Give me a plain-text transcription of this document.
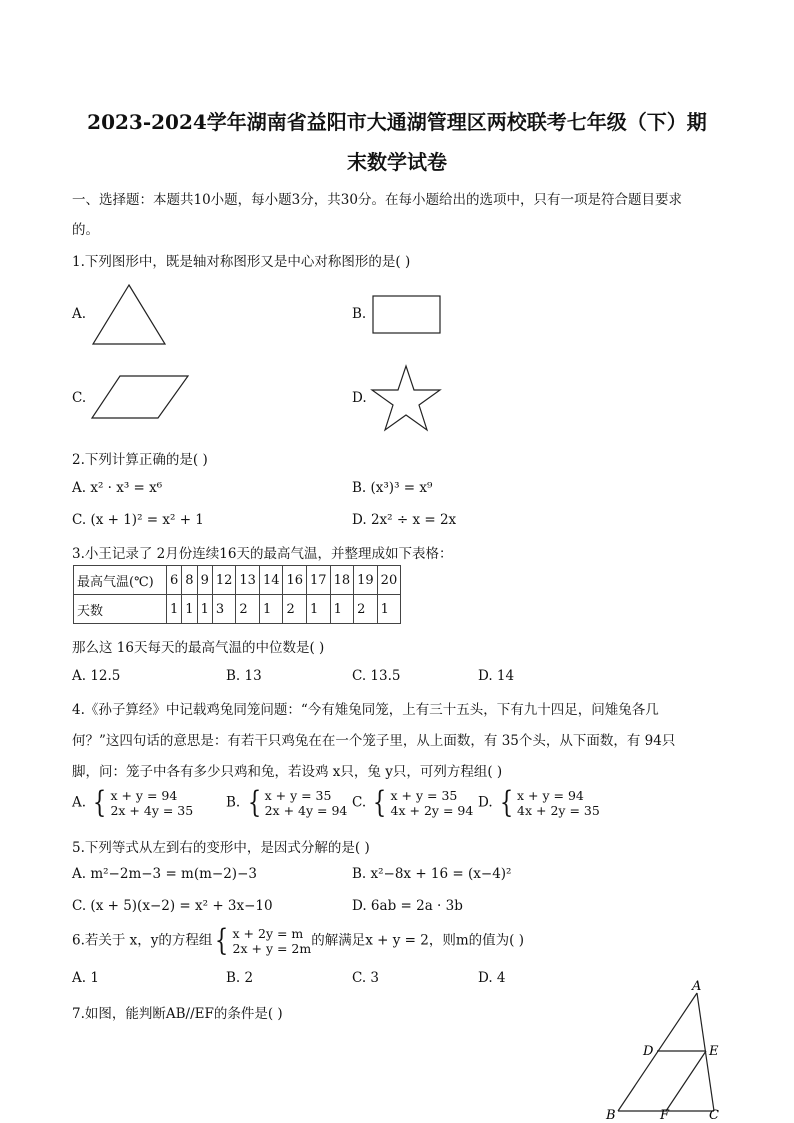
2023-2024学年湖南省益阳市大通湖管理区两校联考七年级（下）期
末数学试卷
一、选择题：本题共10小题，每小题3分，共30分。在每小题给出的选项中，只有一项是符合题目要求
的。
1.下列图形中，既是轴对称图形又是中心对称图形的是( )
A.	B.
C.	D.
2.下列计算正确的是( )
A. x² · x³ = x⁶	B. (x³)³ = x⁹
C. (x + 1)² = x² + 1	D. 2x² ÷ x = 2x
3.小王记录了 2月份连续16天的最高气温，并整理成如下表格：
最高气温(℃)	6	8	9	12	13	14	16	17	18	19	20
天数	1	1	1	3	2	1	2	1	1	2	1
那么这 16天每天的最高气温的中位数是( )
A. 12.5	B. 13	C. 13.5	D. 14
4.《孙子算经》中记载鸡兔同笼问题：“今有雉兔同笼，上有三十五头，下有九十四足，问雉兔各几
何？”这四句话的意思是：有若干只鸡兔在在一个笼子里，从上面数，有 35个头，从下面数，有 94只
脚，问：笼子中各有多少只鸡和兔，若设鸡 x只，兔 y只，可列方程组( )
A. { x + y = 94
2x + 4y = 35 B. { x + y = 35
2x + 4y = 94 C. { x + y = 35
4x + 2y = 94 D. { x + y = 94
4x + 2y = 35
5.下列等式从左到右的变形中，是因式分解的是( )
A. m²−2m−3 = m(m−2)−3	B. x²−8x + 16 = (x−4)²
C. (x + 5)(x−2) = x² + 3x−10	D. 6ab = 2a · 3b
6.若关于 x，y的方程组 { x + 2y = m
2x + y = 2m 的解满足x + y = 2，则m的值为( )
A. 1	B. 2	C. 3	D. 4
7.如图，能判断AB//EF的条件是( )
A
B	C
D	E
F
